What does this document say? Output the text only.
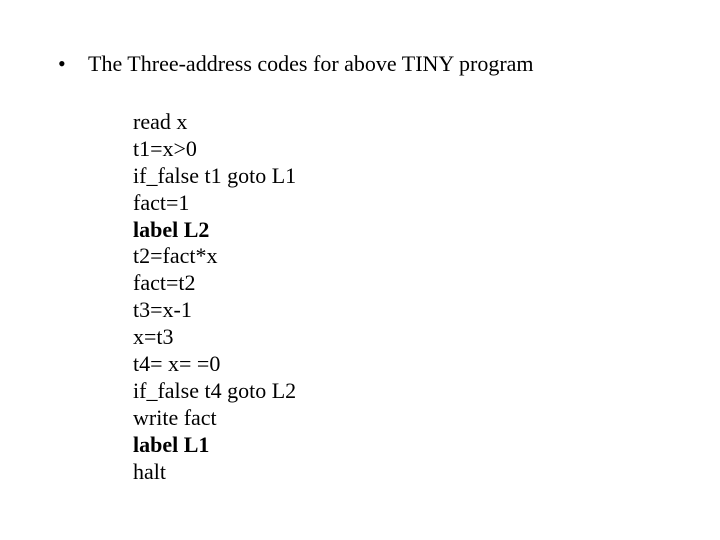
• The Three-address codes for above TINY program
read x
t1=x>0
if_false t1 goto L1
fact=1
label L2
t2=fact*x
fact=t2
t3=x-1
x=t3
t4= x= =0
if_false t4 goto L2
write fact
label L1
halt
